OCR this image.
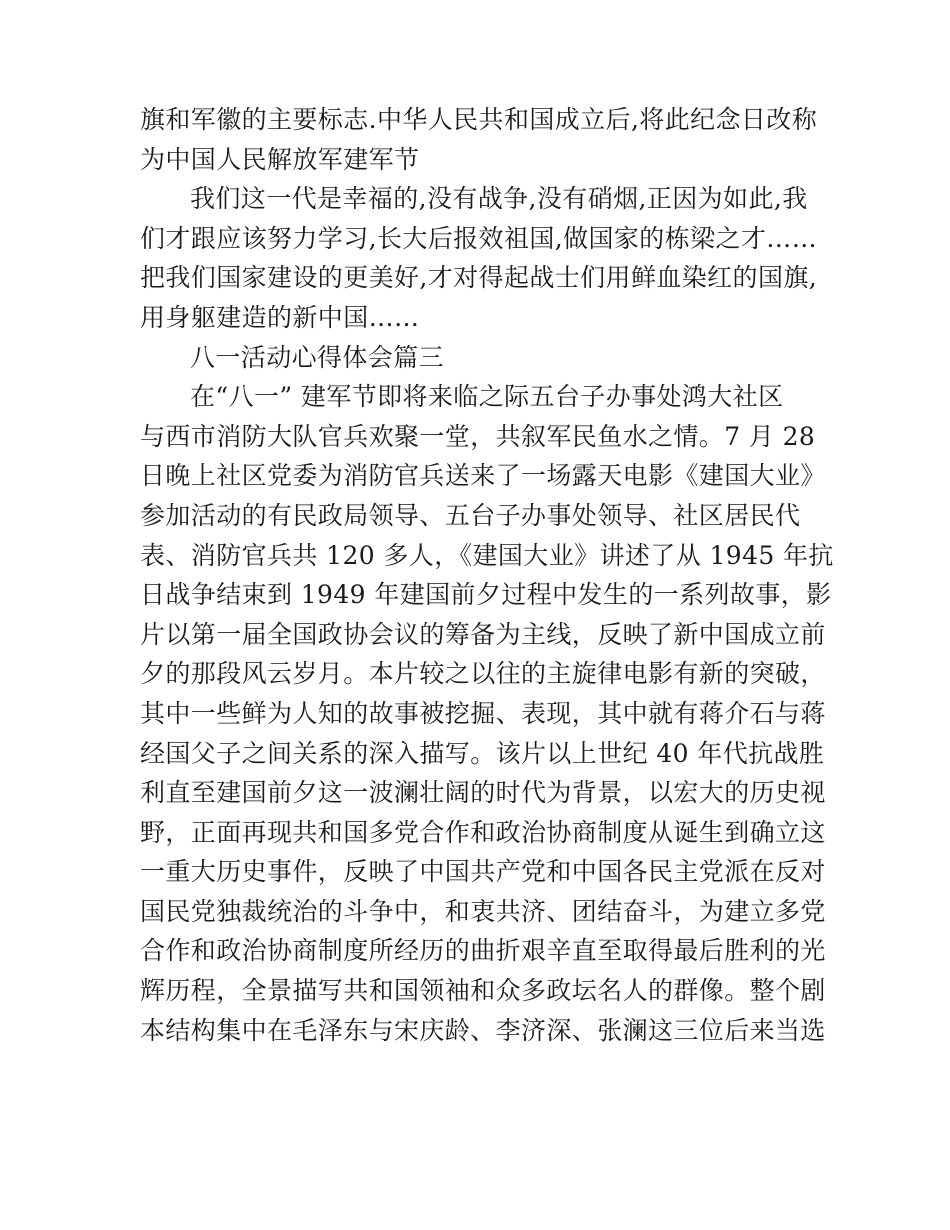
旗和军徽的主要标志.中华人民共和国成立后,将此纪念日改称
为中国人民解放军建军节
我们这一代是幸福的,没有战争,没有硝烟,正因为如此,我
们才跟应该努力学习,长大后报效祖国,做国家的栋梁之才……
把我们国家建设的更美好,才对得起战士们用鲜血染红的国旗,
用身躯建造的新中国……
八一活动心得体会篇三
在“八一” 建军节即将来临之际五台子办事处鸿大社区
与西市消防大队官兵欢聚一堂，共叙军民鱼水之情。7 月 28
日晚上社区党委为消防官兵送来了一场露天电影《建国大业》
参加活动的有民政局领导、五台子办事处领导、社区居民代
表、消防官兵共 120 多人，《建国大业》讲述了从 1945 年抗
日战争结束到 1949 年建国前夕过程中发生的一系列故事，影
片以第一届全国政协会议的筹备为主线，反映了新中国成立前
夕的那段风云岁月。本片较之以往的主旋律电影有新的突破，
其中一些鲜为人知的故事被挖掘、表现，其中就有蒋介石与蒋
经国父子之间关系的深入描写。该片以上世纪 40 年代抗战胜
利直至建国前夕这一波澜壮阔的时代为背景，以宏大的历史视
野，正面再现共和国多党合作和政治协商制度从诞生到确立这
一重大历史事件，反映了中国共产党和中国各民主党派在反对
国民党独裁统治的斗争中，和衷共济、团结奋斗，为建立多党
合作和政治协商制度所经历的曲折艰辛直至取得最后胜利的光
辉历程，全景描写共和国领袖和众多政坛名人的群像。整个剧
本结构集中在毛泽东与宋庆龄、李济深、张澜这三位后来当选
